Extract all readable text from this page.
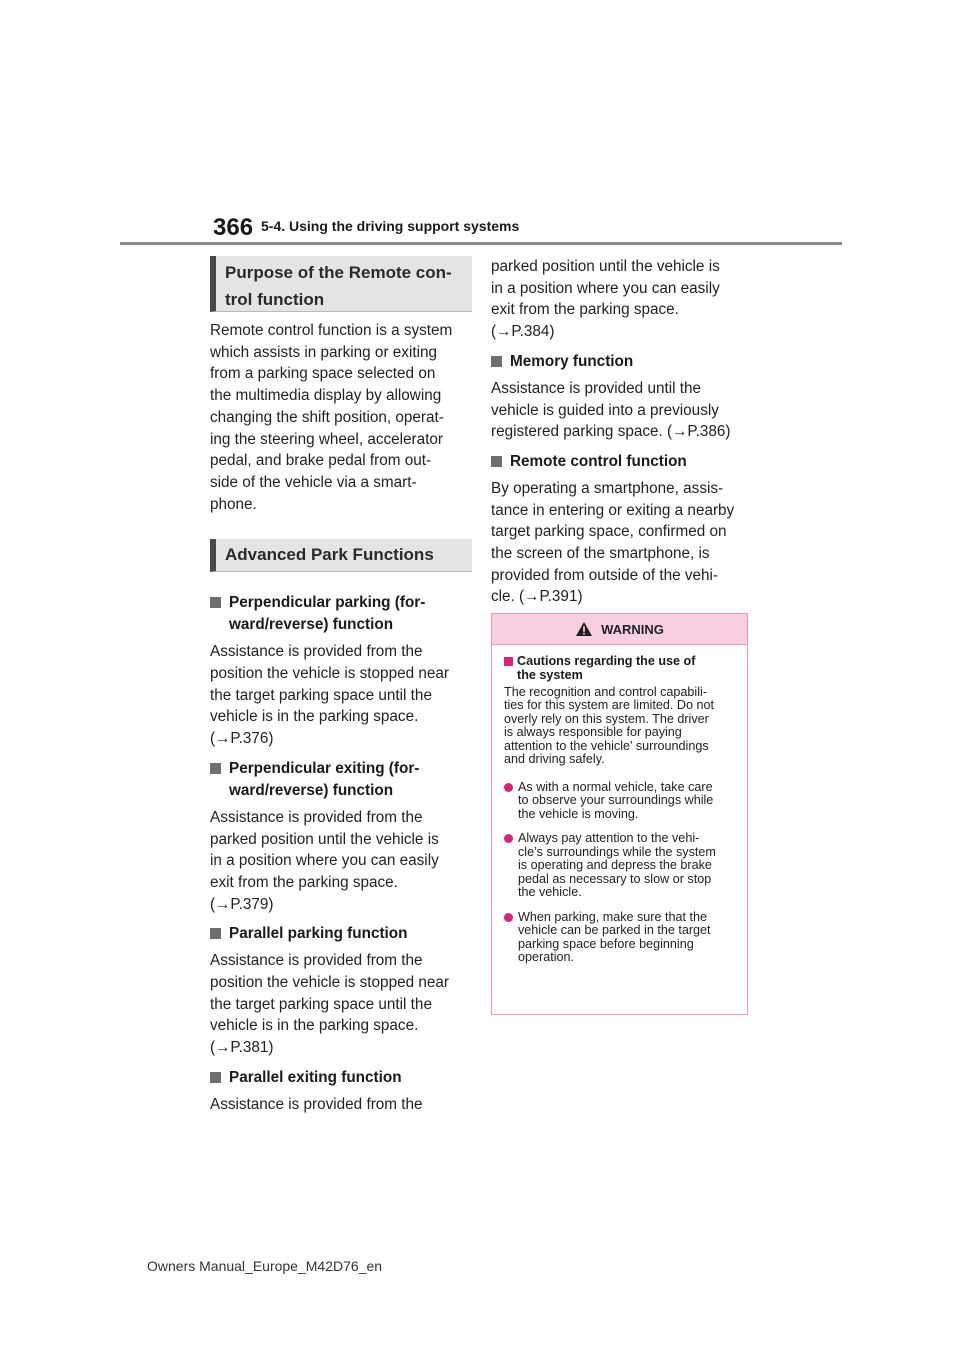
366 5-4. Using the driving support systems
Purpose of the Remote con-
trol function

Remote control function is a system
which assists in parking or exiting
from a parking space selected on
the multimedia display by allowing
changing the shift position, operat-
ing the steering wheel, accelerator
pedal, and brake pedal from out-
side of the vehicle via a smart-
phone.

Advanced Park Functions
Perpendicular parking (for-
ward/reverse) function

Assistance is provided from the
position the vehicle is stopped near
the target parking space until the
vehicle is in the parking space.
(→P.376)

Perpendicular exiting (for-
ward/reverse) function

Assistance is provided from the
parked position until the vehicle is
in a position where you can easily
exit from the parking space.
(→P.379)

Parallel parking function

Assistance is provided from the
position the vehicle is stopped near
the target parking space until the
vehicle is in the parking space.
(→P.381)

Parallel exiting function

Assistance is provided from the

parked position until the vehicle is
in a position where you can easily
exit from the parking space.
(→P.384)

Memory function

Assistance is provided until the
vehicle is guided into a previously
registered parking space. (→P.386)

Remote control function

By operating a smartphone, assis-
tance in entering or exiting a nearby
target parking space, confirmed on
the screen of the smartphone, is
provided from outside of the vehi-
cle. (→P.391)

WARNING
Cautions regarding the use of
the system

The recognition and control capabili-
ties for this system are limited. Do not
overly rely on this system. The driver
is always responsible for paying
attention to the vehicle’ surroundings
and driving safely.

As with a normal vehicle, take care
to observe your surroundings while
the vehicle is moving.
Always pay attention to the vehi-
cle’s surroundings while the system
is operating and depress the brake
pedal as necessary to slow or stop
the vehicle.
When parking, make sure that the
vehicle can be parked in the target
parking space before beginning
operation.
Owners Manual_Europe_M42D76_en
